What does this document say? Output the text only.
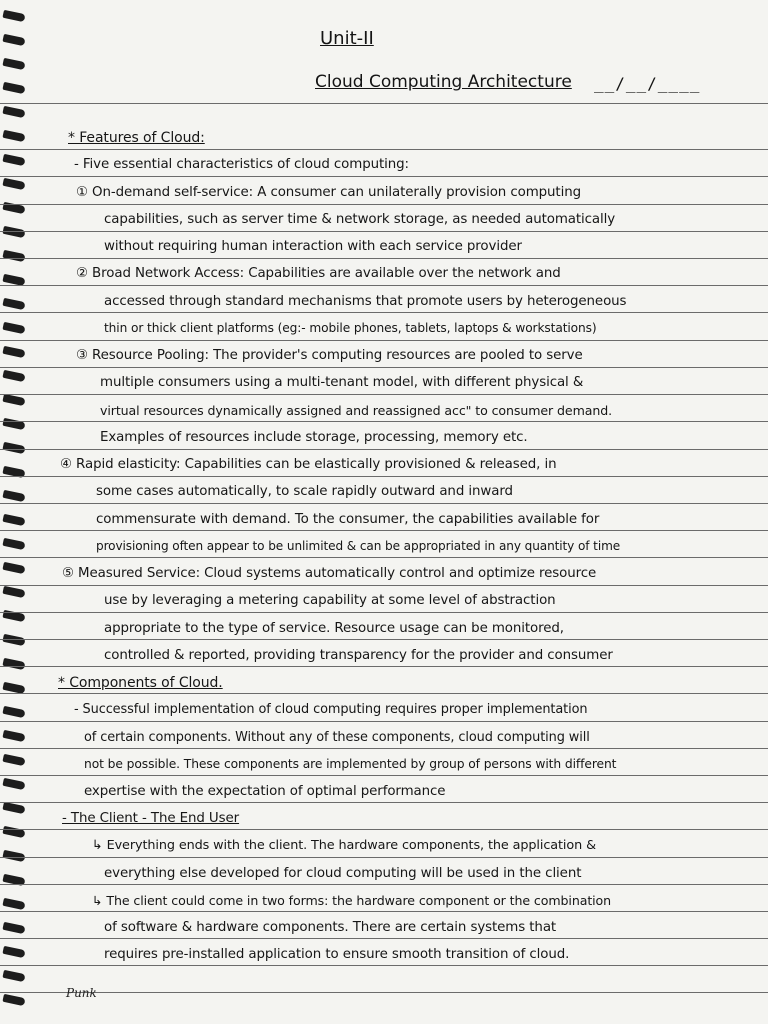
Unit-II
Cloud Computing Architecture __/__/____
* Features of Cloud:
- Five essential characteristics of cloud computing:
① On-demand self-service: A consumer can unilaterally provision computing
capabilities, such as server time & network storage, as needed automatically
without requiring human interaction with each service provider
② Broad Network Access: Capabilities are available over the network and
accessed through standard mechanisms that promote users by heterogeneous
thin or thick client platforms (eg:- mobile phones, tablets, laptops & workstations)
③ Resource Pooling: The provider's computing resources are pooled to serve
multiple consumers using a multi-tenant model, with different physical &
virtual resources dynamically assigned and reassigned acc" to consumer demand.
Examples of resources include storage, processing, memory etc.
④ Rapid elasticity: Capabilities can be elastically provisioned & released, in
some cases automatically, to scale rapidly outward and inward
commensurate with demand. To the consumer, the capabilities available for
provisioning often appear to be unlimited & can be appropriated in any quantity of time
⑤ Measured Service: Cloud systems automatically control and optimize resource
use by leveraging a metering capability at some level of abstraction
appropriate to the type of service. Resource usage can be monitored,
controlled & reported, providing transparency for the provider and consumer
* Components of Cloud.
- Successful implementation of cloud computing requires proper implementation
of certain components. Without any of these components, cloud computing will
not be possible. These components are implemented by group of persons with different
expertise with the expectation of optimal performance
- The Client - The End User
↳ Everything ends with the client. The hardware components, the application &
everything else developed for cloud computing will be used in the client
↳ The client could come in two forms: the hardware component or the combination
of software & hardware components. There are certain systems that
requires pre-installed application to ensure smooth transition of cloud.
Punk
